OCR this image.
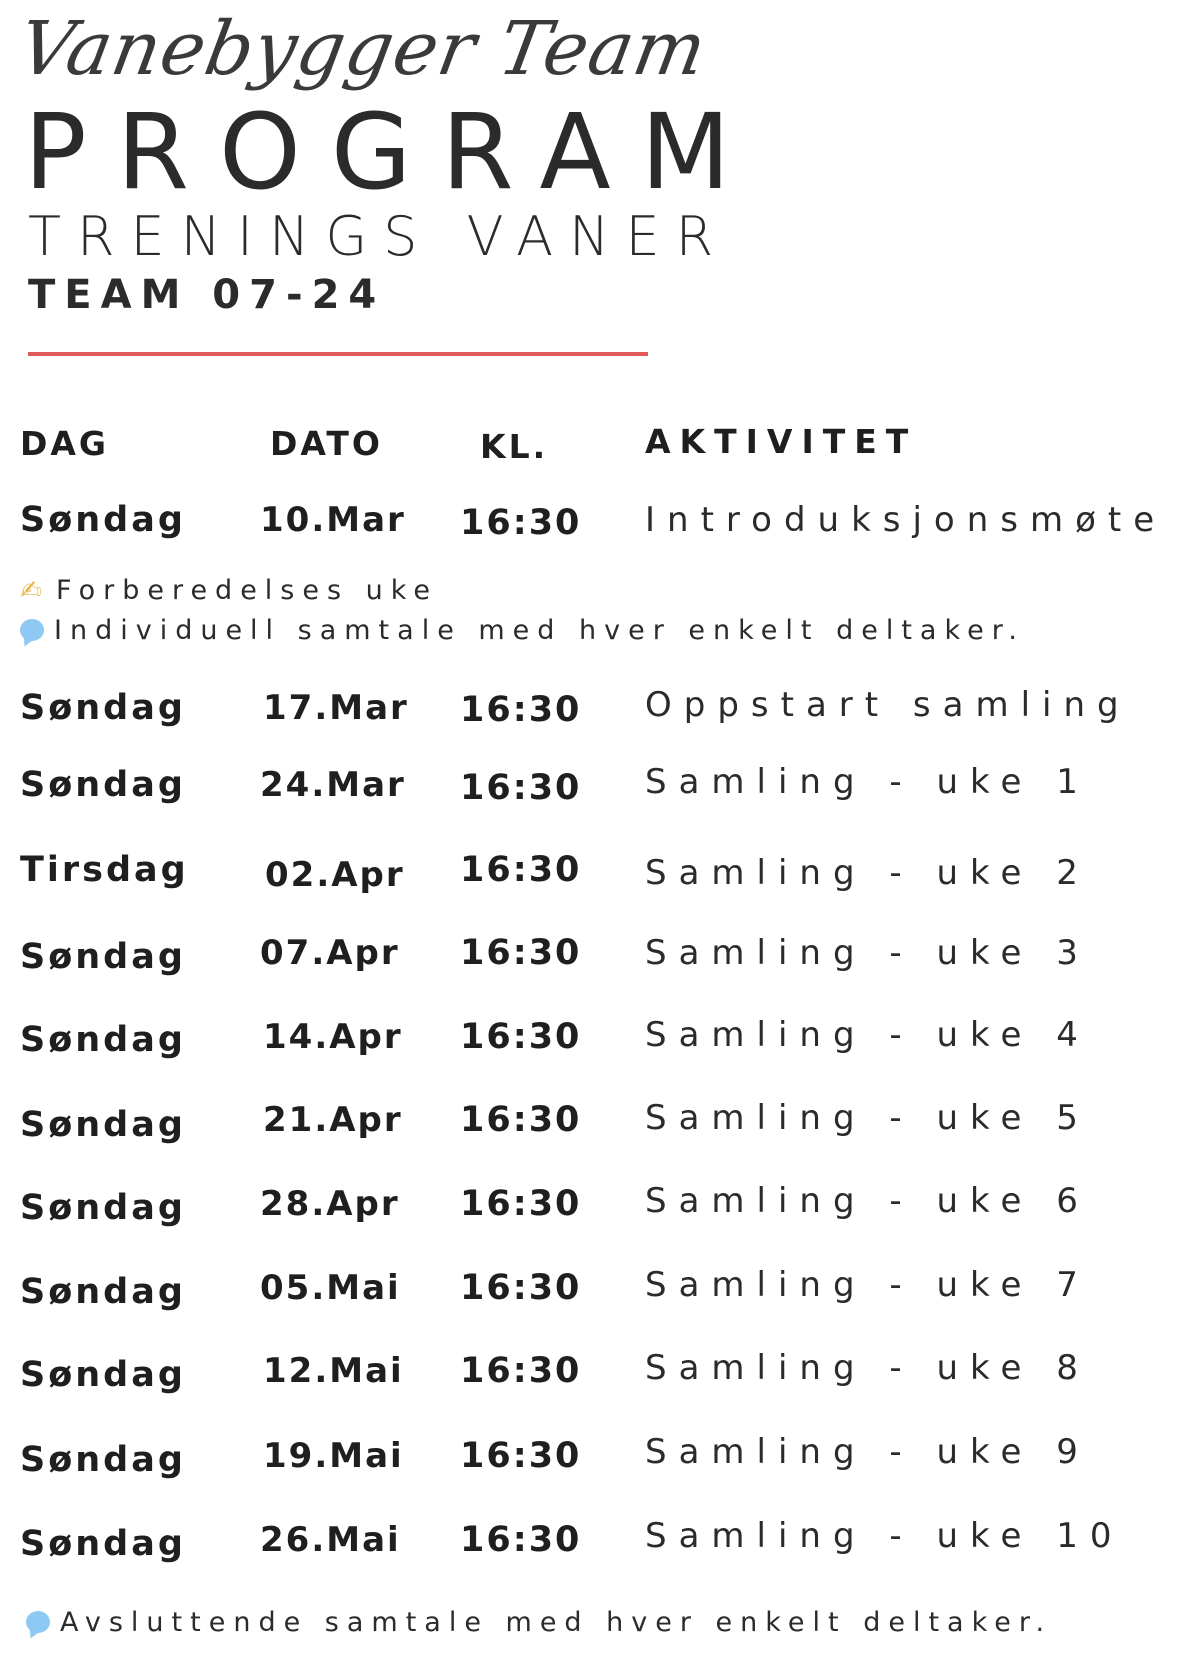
Vanebygger Team
PROGRAM
TRENINGS VANER
TEAM 07-24
DAG	DATO	KL.	AKTIVITET
Søndag 10.Mar 16:30 Introduksjonsmøte
✍ Forberedelses uke
Individuell samtale med hver enkelt deltaker.
Søndag 17.Mar 16:30 Oppstart samling
Søndag 24.Mar 16:30 Samling - uke 1
Tirsdag 02.Apr 16:30 Samling - uke 2
Søndag 07.Apr 16:30 Samling - uke 3
Søndag 14.Apr 16:30 Samling - uke 4
Søndag 21.Apr 16:30 Samling - uke 5
Søndag 28.Apr 16:30 Samling - uke 6
Søndag 05.Mai 16:30 Samling - uke 7
Søndag 12.Mai 16:30 Samling - uke 8
Søndag 19.Mai 16:30 Samling - uke 9
Søndag 26.Mai 16:30 Samling - uke 10
Avsluttende samtale med hver enkelt deltaker.
